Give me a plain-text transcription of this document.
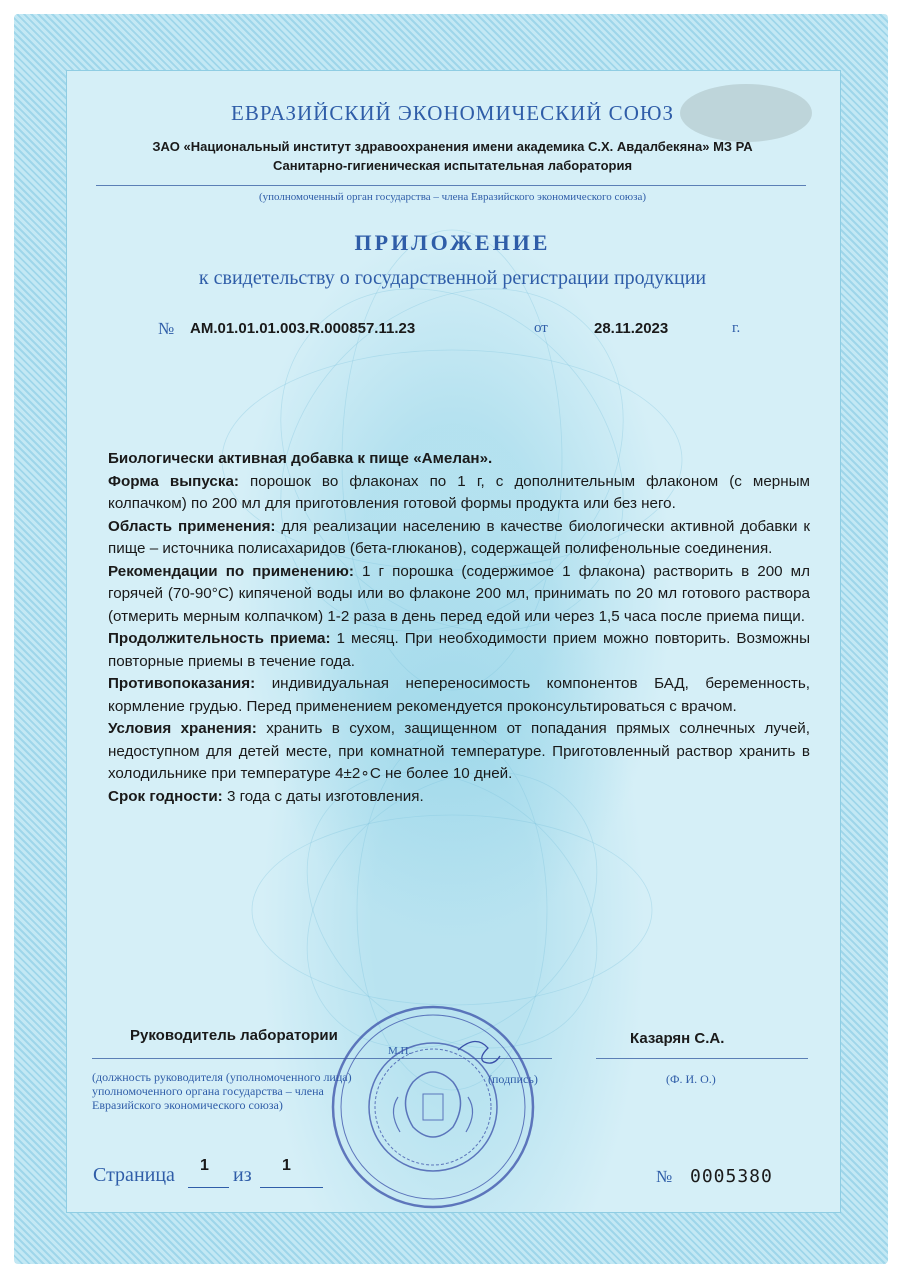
ЕВРАЗИЙСКИЙ ЭКОНОМИЧЕСКИЙ СОЮЗ
ЗАО «Национальный институт здравоохранения имени академика С.Х. Авдалбекяна» МЗ РА
Санитарно-гигиеническая испытательная лаборатория
(уполномоченный орган государства – члена Евразийского экономического союза)
ПРИЛОЖЕНИЕ
к свидетельству о государственной регистрации продукции
№ AM.01.01.01.003.R.000857.11.23	от	28.11.2023	г.

Биологически активная добавка к пище «Амелан».

Форма выпуска: порошок во флаконах по 1 г, с дополнительным флаконом (с мерным колпачком) по 200 мл для приготовления готовой формы продукта или без него.

Область применения: для реализации населению в качестве биологически активной добавки к пище – источника полисахаридов (бета-глюканов), содержащей полифенольные соединения.

Рекомендации по применению: 1 г порошка (содержимое 1 флакона) растворить в 200 мл горячей (70-90°С) кипяченой воды или во флаконе 200 мл, принимать по 20 мл готового раствора (отмерить мерным колпачком) 1-2 раза в день перед едой или через 1,5 часа после приема пищи.

Продолжительность приема: 1 месяц. При необходимости прием можно повторить. Возможны повторные приемы в течение года.

Противопоказания: индивидуальная непереносимость компонентов БАД, беременность, кормление грудью. Перед применением рекомендуется проконсультироваться с врачом.

Условия хранения: хранить в сухом, защищенном от попадания прямых солнечных лучей, недоступном для детей месте, при комнатной температуре. Приготовленный раствор хранить в холодильнике при температуре 4±2∘С не более 10 дней.

Срок годности: 3 года с даты изготовления.

Руководитель лаборатории	Казарян С.А.
М.П.
(должность руководителя (уполномоченного лица) уполномоченного органа государства – члена Евразийского экономического союза)
(подпись)	(Ф. И. О.)
Страница 1 из 1
№ 0005380
